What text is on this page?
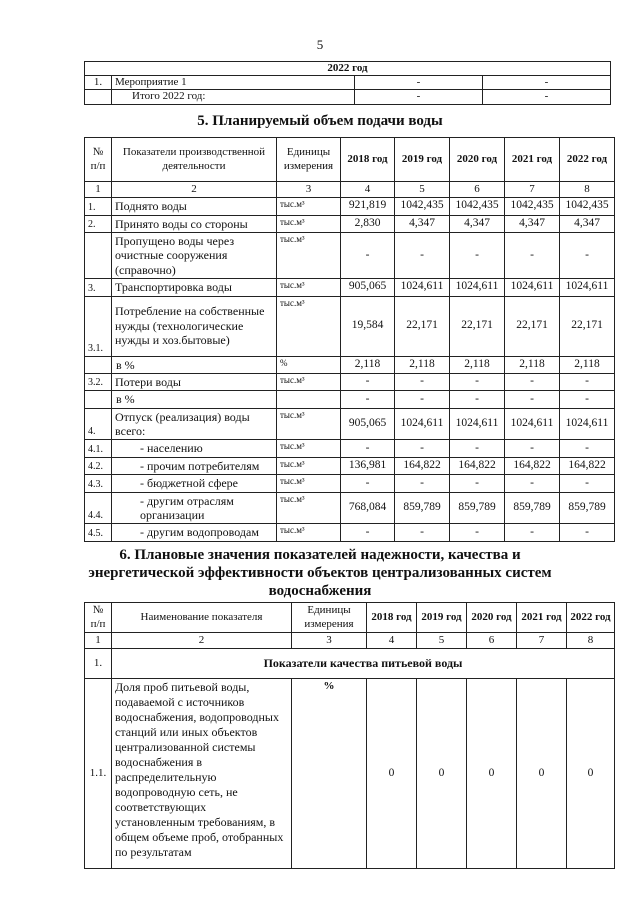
5
2022 год			
1.	Мероприятие 1	-	-
	Итого 2022 год:	-	-
5. Планируемый объем подачи воды
№ п/п	Показатели производственной деятельности	Единицы измерения	2018 год	2019 год	2020 год	2021 год	2022 год
1	2	3	4	5	6	7	8
1.	Поднято воды	тыс.м³	921,819	1042,435	1042,435	1042,435	1042,435
2.	Принято воды со стороны	тыс.м³	2,830	4,347	4,347	4,347	4,347
	Пропущено воды через очистные сооружения (справочно)	тыс.м³	-	-	-	-	-
3.	Транспортировка воды	тыс.м³	905,065	1024,611	1024,611	1024,611	1024,611
3.1.	Потребление на собственные нужды (технологические нужды и хоз.бытовые)	тыс.м³	19,584	22,171	22,171	22,171	22,171
	в %	%	2,118	2,118	2,118	2,118	2,118
3.2.	Потери воды	тыс.м³	-	-	-	-	-
	в %		-	-	-	-	-
4.	Отпуск (реализация) воды всего:	тыс.м³	905,065	1024,611	1024,611	1024,611	1024,611
4.1.	- населению	тыс.м³	-	-	-	-	-
4.2.	- прочим потребителям	тыс.м³	136,981	164,822	164,822	164,822	164,822
4.3.	- бюджетной сфере	тыс.м³	-	-	-	-	-
4.4.	- другим отраслям организации	тыс.м³	768,084	859,789	859,789	859,789	859,789
4.5.	- другим водопроводам	тыс.м³	-	-	-	-	-
6. Плановые значения показателей надежности, качества и
энергетической эффективности объектов централизованных систем
водоснабжения
№ п/п	Наименование показателя	Единицы измерения	2018 год	2019 год	2020 год	2021 год	2022 год
1	2	3	4	5	6	7	8
1.	Показатели качества питьевой воды						
1.1.	Доля проб питьевой воды, подаваемой с источников водоснабжения, водопроводных станций или иных объектов централизованной системы водоснабжения в распределительную водопроводную сеть, не соответствующих установленным требованиям, в общем объеме проб, отобранных по результатам	%	0	0	0	0	0
